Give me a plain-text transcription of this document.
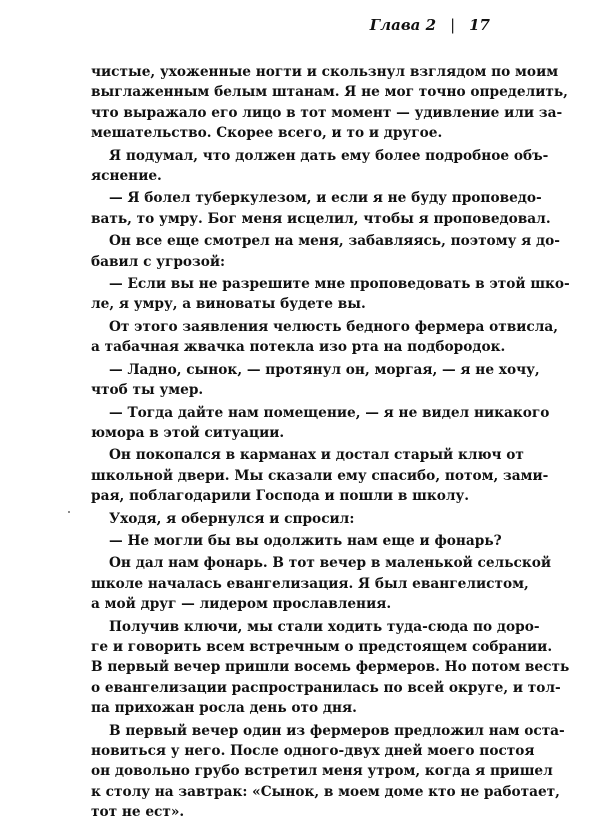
Глава 2 | 17
чистые, ухоженные ногти и скользнул взглядом по моим
выглаженным белым штанам. Я не мог точно определить,
что выражало его лицо в тот момент — удивление или за-
мешательство. Скорее всего, и то и другое.
Я подумал, что должен дать ему более подробное объ-
яснение.
— Я болел туберкулезом, и если я не буду проповедо-
вать, то умру. Бог меня исцелил, чтобы я проповедовал.
Он все еще смотрел на меня, забавляясь, поэтому я до-
бавил с угрозой:
— Если вы не разрешите мне проповедовать в этой шко-
ле, я умру, а виноваты будете вы.
От этого заявления челюсть бедного фермера отвисла,
а табачная жвачка потекла изо рта на подбородок.
— Ладно, сынок, — протянул он, моргая, — я не хочу,
чтоб ты умер.
— Тогда дайте нам помещение, — я не видел никакого
юмора в этой ситуации.
Он покопался в карманах и достал старый ключ от
школьной двери. Мы сказали ему спасибо, потом, зами-
рая, поблагодарили Господа и пошли в школу.
Уходя, я обернулся и спросил:
— Не могли бы вы одолжить нам еще и фонарь?
Он дал нам фонарь. В тот вечер в маленькой сельской
школе началась евангелизация. Я был евангелистом,
а мой друг — лидером прославления.
Получив ключи, мы стали ходить туда-сюда по доро-
ге и говорить всем встречным о предстоящем собрании.
В первый вечер пришли восемь фермеров. Но потом весть
о евангелизации распространилась по всей округе, и тол-
па прихожан росла день ото дня.
В первый вечер один из фермеров предложил нам оста-
новиться у него. После одного-двух дней моего постоя
он довольно грубо встретил меня утром, когда я пришел
к столу на завтрак: «Сынок, в моем доме кто не работает,
тот не ест».
